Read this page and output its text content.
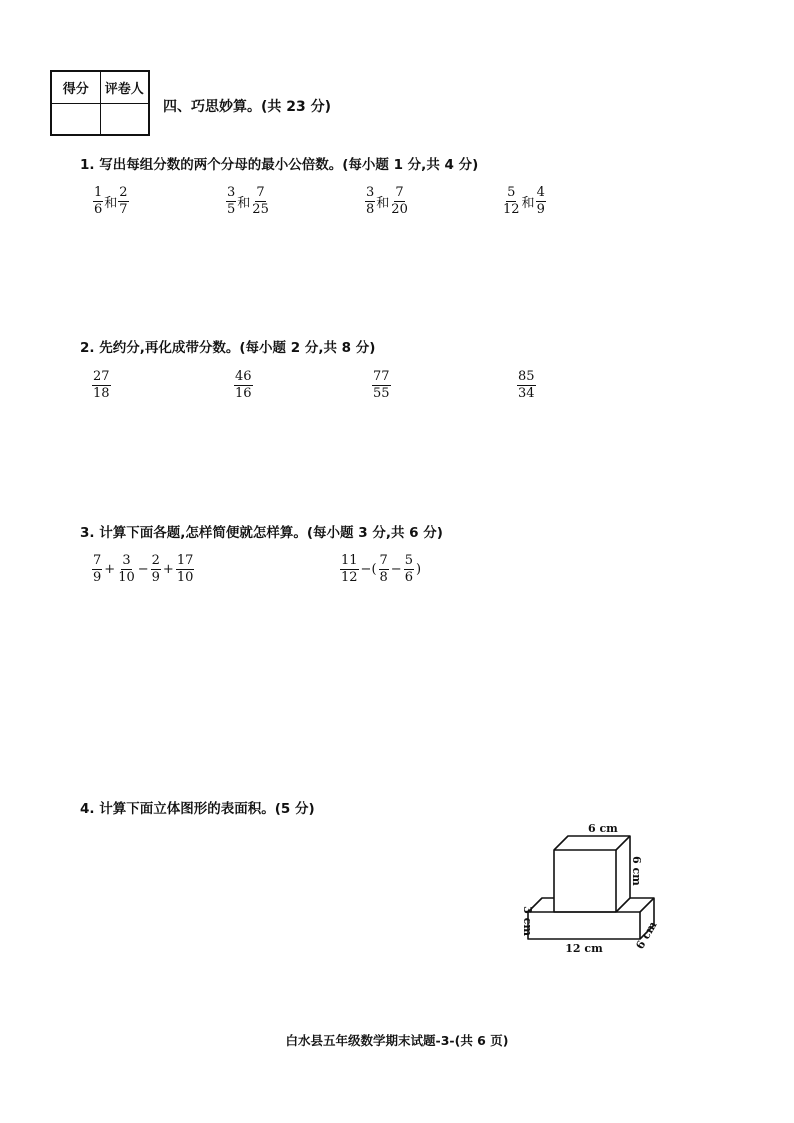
得分	评卷人
四、巧思妙算。(共 23 分)
1. 写出每组分数的两个分母的最小公倍数。(每小题 1 分,共 4 分)
$\frac{1}{6}$ 和 $\frac{2}{7}$	$\frac{3}{5}$ 和 $\frac{7}{25}$	$\frac{3}{8}$ 和 $\frac{7}{20}$	$\frac{5}{12}$ 和 $\frac{4}{9}$
2. 先约分,再化成带分数。(每小题 2 分,共 8 分)
$\frac{27}{18}$	$\frac{46}{16}$	$\frac{77}{55}$	$\frac{85}{34}$
3. 计算下面各题,怎样简便就怎样算。(每小题 3 分,共 6 分)
$\frac{7}{9} + \frac{3}{10} - \frac{2}{9} + \frac{17}{10}$	$\frac{11}{12}$ −( $\frac{7}{8} - \frac{5}{6}$ )
4. 计算下面立体图形的表面积。(5 分)
6 cm
6 cm
3 cm
12 cm	6 cm
白水县五年级数学期末试题-3-(共 6 页)
